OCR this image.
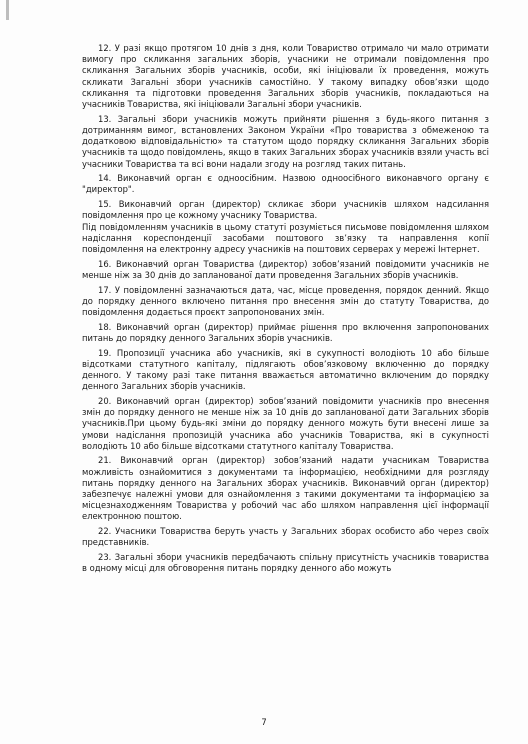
12. У разі якщо протягом 10 днів з дня, коли Товариство отримало чи мало отримати вимогу про скликання загальних зборів, учасники не отримали повідомлення про скликання Загальних зборів учасників, особи, які ініціювали їх проведення, можуть скликати Загальні збори учасників самостійно. У такому випадку обов’язки щодо скликання та підготовки проведення Загальних зборів учасників, покладаються на учасників Товариства, які ініціювали Загальні збори учасників.

13. Загальні збори учасників можуть прийняти рішення з будь-якого питання з дотриманням вимог, встановлених Законом України «Про товариства з обмеженою та додатковою відповідальністю» та статутом щодо порядку скликання Загальних зборів учасників та щодо повідомлень, якщо в таких Загальних зборах учасників взяли участь всі учасники Товариства та всі вони надали згоду на розгляд таких питань.

14. Виконавчий орган є одноосібним. Назвою одноосібного виконавчого органу є "директор".

15. Виконавчий орган (директор) скликає збори учасників шляхом надсилання повідомлення про це кожному учаснику Товариства.

Під повідомленням учасників в цьому статуті розуміється письмове повідомлення шляхом надіслання кореспонденції засобами поштового зв’язку та направлення копії повідомлення на електронну адресу учасників на поштових серверах у мережі Інтернет.

16. Виконавчий орган Товариства (директор) зобов’язаний повідомити учасників не менше ніж за 30 днів до запланованої дати проведення Загальних зборів учасників.

17. У повідомленні зазначаються дата, час, місце проведення, порядок денний. Якщо до порядку денного включено питання про внесення змін до статуту Товариства, до повідомлення додається проєкт запропонованих змін.

18. Виконавчий орган (директор) приймає рішення про включення запропонованих питань до порядку денного Загальних зборів учасників.

19. Пропозиції учасника або учасників, які в сукупності володіють 10 або більше відсотками статутного капіталу, підлягають обов’язковому включенню до порядку денного. У такому разі таке питання вважається автоматично включеним до порядку денного Загальних зборів учасників.

20. Виконавчий орган (директор) зобов’язаний повідомити учасників про внесення змін до порядку денного не менше ніж за 10 днів до запланованої дати Загальних зборів учасників.При цьому будь-які зміни до порядку денного можуть бути внесені лише за умови надіслання пропозицій учасника або учасників Товариства, які в сукупності володіють 10 або більше відсотками статутного капіталу Товариства.

21. Виконавчий орган (директор) зобов’язаний надати учасникам Товариства можливість ознайомитися з документами та інформацією, необхідними для розгляду питань порядку денного на Загальних зборах учасників. Виконавчий орган (директор) забезпечує належні умови для ознайомлення з такими документами та інформацією за місцезнаходженням Товариства у робочий час або шляхом направлення цієї інформації електронною поштою.

22. Учасники Товариства беруть участь у Загальних зборах особисто або через своїх представників.

23. Загальні збори учасників передбачають спільну присутність учасників товариства в одному місці для обговорення питань порядку денного або можуть

7
